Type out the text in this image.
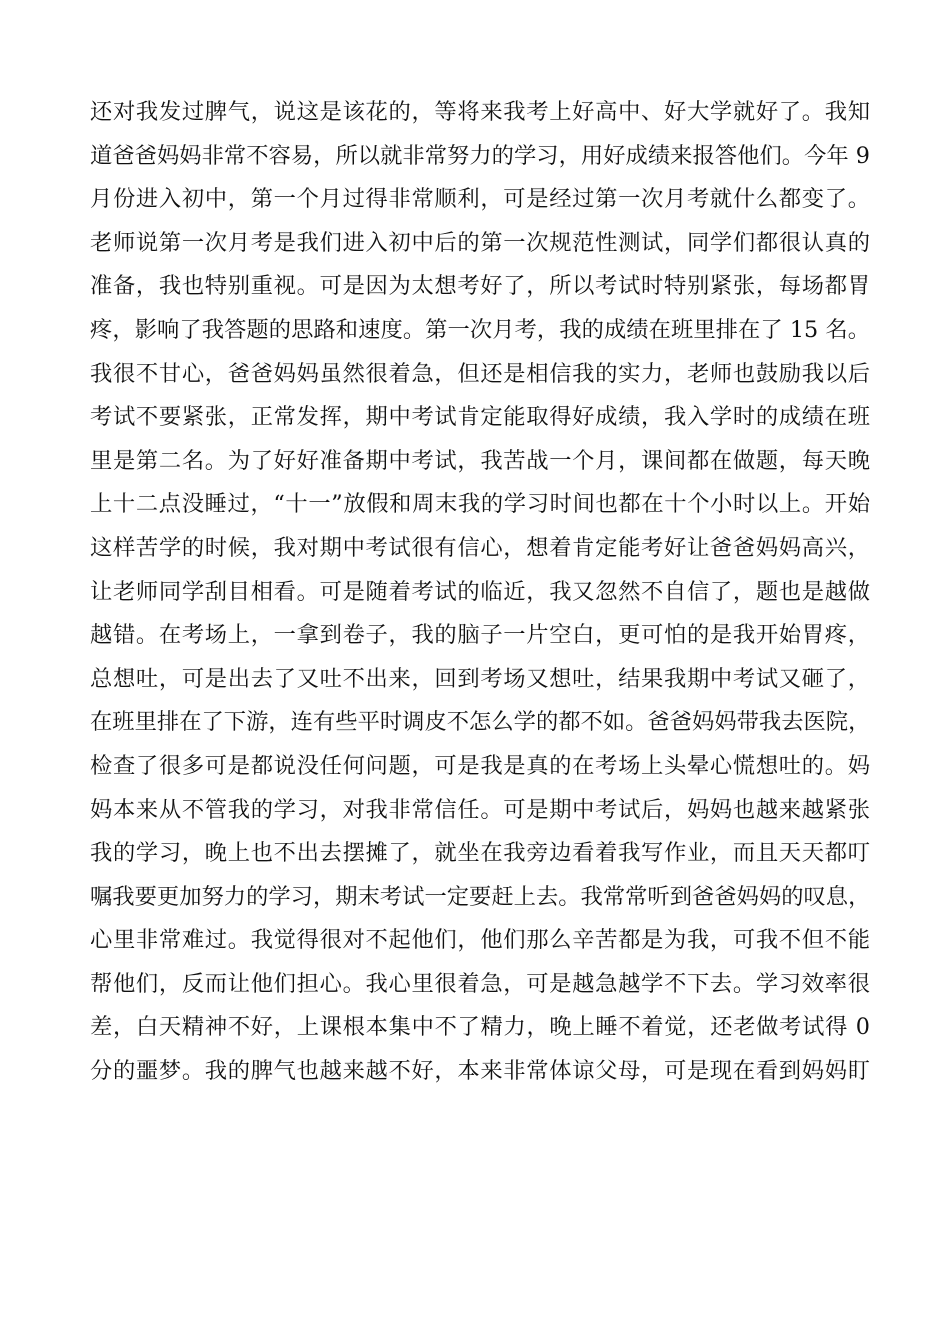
还对我发过脾气，说这是该花的，等将来我考上好高中、好大学就好了。我知
道爸爸妈妈非常不容易，所以就非常努力的学习，用好成绩来报答他们。今年 9
月份进入初中，第一个月过得非常顺利，可是经过第一次月考就什么都变了。
老师说第一次月考是我们进入初中后的第一次规范性测试，同学们都很认真的
准备，我也特别重视。可是因为太想考好了，所以考试时特别紧张，每场都胃
疼，影响了我答题的思路和速度。第一次月考，我的成绩在班里排在了 15 名。
我很不甘心，爸爸妈妈虽然很着急，但还是相信我的实力，老师也鼓励我以后
考试不要紧张，正常发挥，期中考试肯定能取得好成绩，我入学时的成绩在班
里是第二名。为了好好准备期中考试，我苦战一个月，课间都在做题，每天晚
上十二点没睡过，“十一”放假和周末我的学习时间也都在十个小时以上。开始
这样苦学的时候，我对期中考试很有信心，想着肯定能考好让爸爸妈妈高兴，
让老师同学刮目相看。可是随着考试的临近，我又忽然不自信了，题也是越做
越错。在考场上，一拿到卷子，我的脑子一片空白，更可怕的是我开始胃疼，
总想吐，可是出去了又吐不出来，回到考场又想吐，结果我期中考试又砸了，
在班里排在了下游，连有些平时调皮不怎么学的都不如。爸爸妈妈带我去医院，
检查了很多可是都说没任何问题，可是我是真的在考场上头晕心慌想吐的。妈
妈本来从不管我的学习，对我非常信任。可是期中考试后，妈妈也越来越紧张
我的学习，晚上也不出去摆摊了，就坐在我旁边看着我写作业，而且天天都叮
嘱我要更加努力的学习，期末考试一定要赶上去。我常常听到爸爸妈妈的叹息，
心里非常难过。我觉得很对不起他们，他们那么辛苦都是为我，可我不但不能
帮他们，反而让他们担心。我心里很着急，可是越急越学不下去。学习效率很
差，白天精神不好，上课根本集中不了精力，晚上睡不着觉，还老做考试得 0
分的噩梦。我的脾气也越来越不好，本来非常体谅父母，可是现在看到妈妈盯
